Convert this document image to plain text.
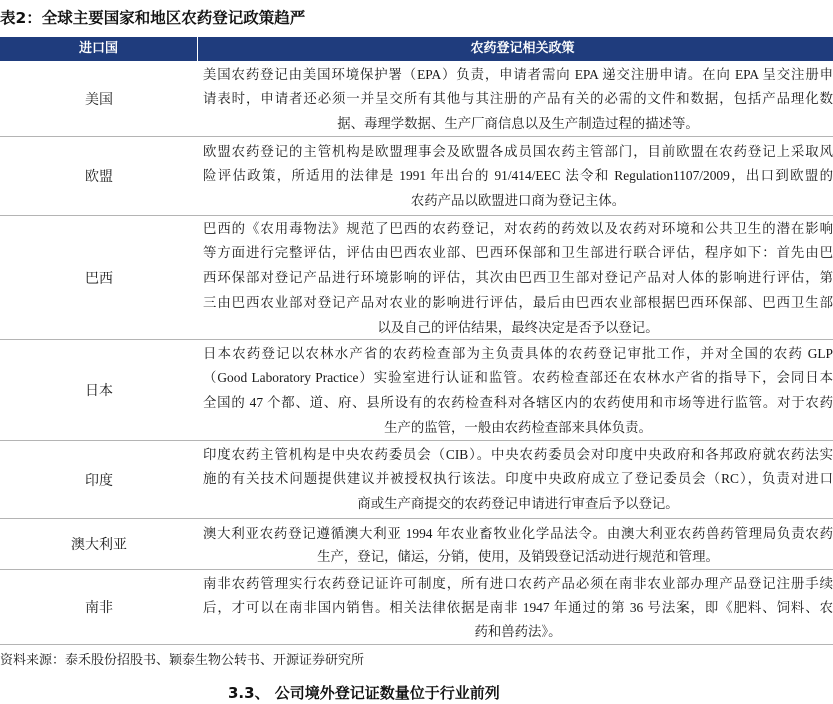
表2：全球主要国家和地区农药登记政策趋严
进口国	农药登记相关政策
美国
美国农药登记由美国环境保护署（EPA）负责，申请者需向 EPA 递交注册申请。在向 EPA 呈交注册申
请表时，申请者还必须一并呈交所有其他与其注册的产品有关的必需的文件和数据，包括产品理化数
据、毒理学数据、生产厂商信息以及生产制造过程的描述等。
欧盟
欧盟农药登记的主管机构是欧盟理事会及欧盟各成员国农药主管部门，目前欧盟在农药登记上采取风
险评估政策，所适用的法律是 1991 年出台的 91/414/EEC 法令和 Regulation1107/2009，出口到欧盟的
农药产品以欧盟进口商为登记主体。
巴西
巴西的《农用毒物法》规范了巴西的农药登记，对农药的药效以及农药对环境和公共卫生的潜在影响
等方面进行完整评估，评估由巴西农业部、巴西环保部和卫生部进行联合评估，程序如下：首先由巴
西环保部对登记产品进行环境影响的评估，其次由巴西卫生部对登记产品对人体的影响进行评估，第
三由巴西农业部对登记产品对农业的影响进行评估，最后由巴西农业部根据巴西环保部、巴西卫生部
以及自己的评估结果，最终决定是否予以登记。
日本
日本农药登记以农林水产省的农药检查部为主负责具体的农药登记审批工作，并对全国的农药 GLP
（Good Laboratory Practice）实验室进行认证和监管。农药检查部还在农林水产省的指导下，会同日本
全国的 47 个都、道、府、县所设有的农药检查科对各辖区内的农药使用和市场等进行监管。对于农药
生产的监管，一般由农药检查部来具体负责。
印度
印度农药主管机构是中央农药委员会（CIB）。中央农药委员会对印度中央政府和各邦政府就农药法实
施的有关技术问题提供建议并被授权执行该法。印度中央政府成立了登记委员会（RC），负责对进口
商或生产商提交的农药登记申请进行审查后予以登记。
澳大利亚
澳大利亚农药登记遵循澳大利亚 1994 年农业畜牧业化学品法令。由澳大利亚农药兽药管理局负责农药
生产，登记，储运，分销，使用，及销毁登记活动进行规范和管理。
南非
南非农药管理实行农药登记证许可制度，所有进口农药产品必须在南非农业部办理产品登记注册手续
后，才可以在南非国内销售。相关法律依据是南非 1947 年通过的第 36 号法案，即《肥料、饲料、农
药和兽药法》。
资料来源：泰禾股份招股书、颖泰生物公转书、开源证券研究所
3.3、 公司境外登记证数量位于行业前列
